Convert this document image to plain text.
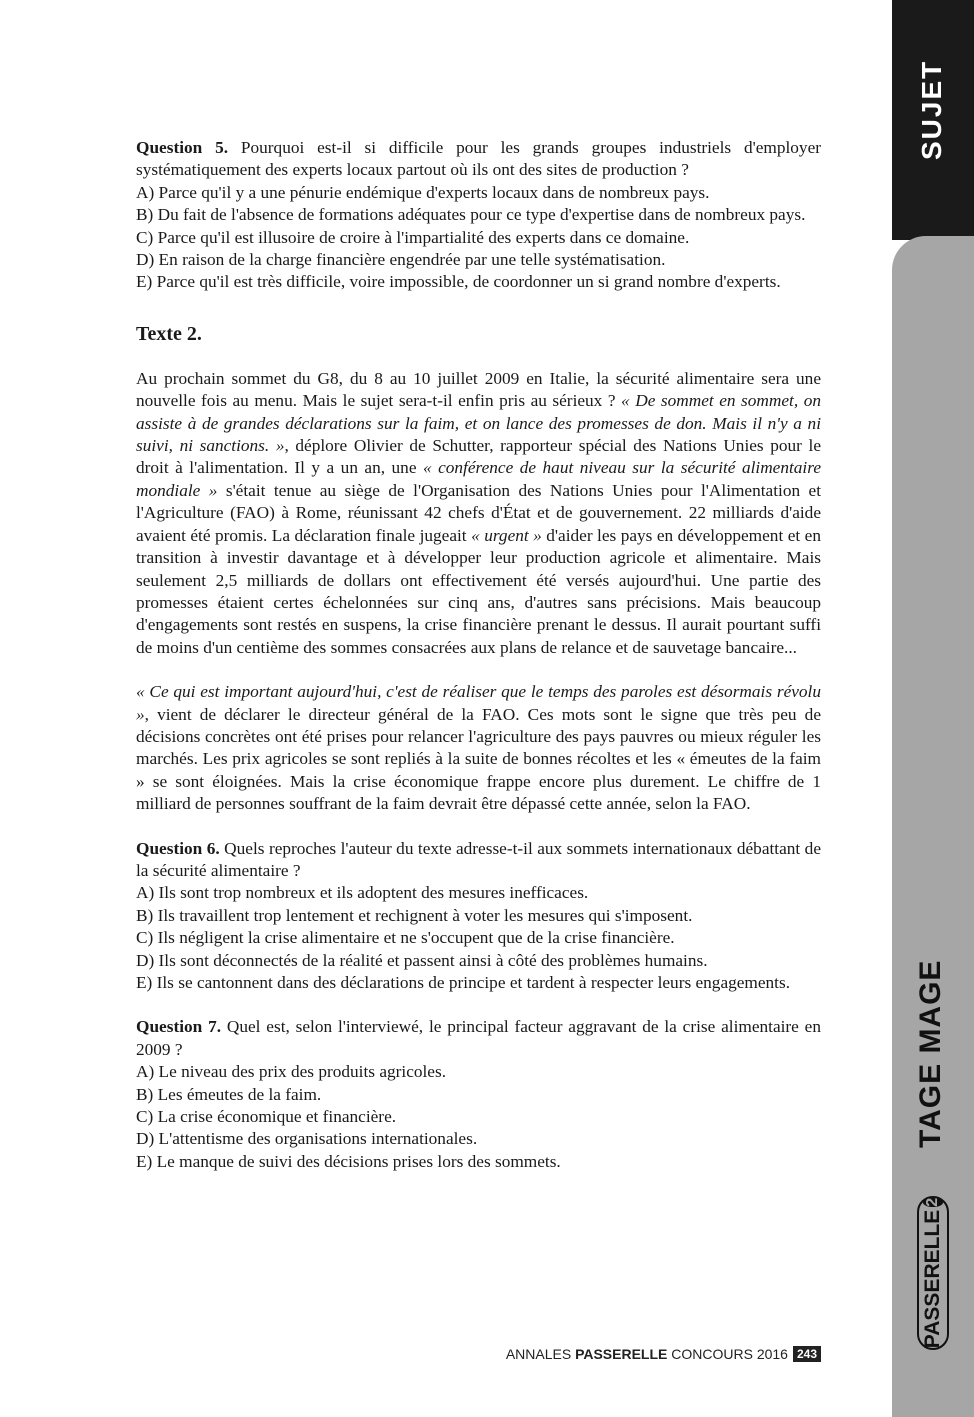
SUJET
TAGE MAGE
PASSERELLE
2

Question 5. Pourquoi est-il si difficile pour les grands groupes industriels d'employer systématiquement des experts locaux partout où ils ont des sites de production ?

A) Parce qu'il y a une pénurie endémique d'experts locaux dans de nombreux pays.

B) Du fait de l'absence de formations adéquates pour ce type d'expertise dans de nombreux pays.

C) Parce qu'il est illusoire de croire à l'impartialité des experts dans ce domaine.

D) En raison de la charge financière engendrée par une telle systématisation.

E) Parce qu'il est très difficile, voire impossible, de coordonner un si grand nombre d'experts.

Texte 2.

Au prochain sommet du G8, du 8 au 10 juillet 2009 en Italie, la sécurité alimentaire sera une nouvelle fois au menu. Mais le sujet sera-t-il enfin pris au sérieux ? « De sommet en sommet, on assiste à de grandes déclarations sur la faim, et on lance des promesses de don. Mais il n'y a ni suivi, ni sanctions. », déplore Olivier de Schutter, rapporteur spécial des Nations Unies pour le droit à l'alimentation. Il y a un an, une « conférence de haut niveau sur la sécurité alimentaire mondiale » s'était tenue au siège de l'Organisation des Nations Unies pour l'Alimentation et l'Agriculture (FAO) à Rome, réunissant 42 chefs d'État et de gouvernement. 22 milliards d'aide avaient été promis. La déclaration finale jugeait « urgent » d'aider les pays en développement et en transition à investir davantage et à développer leur production agricole et alimentaire. Mais seulement 2,5 milliards de dollars ont effectivement été versés aujourd'hui. Une partie des promesses étaient certes échelonnées sur cinq ans, d'autres sans précisions. Mais beaucoup d'engagements sont restés en suspens, la crise financière prenant le dessus. Il aurait pourtant suffi de moins d'un centième des sommes consacrées aux plans de relance et de sauvetage bancaire...

« Ce qui est important aujourd'hui, c'est de réaliser que le temps des paroles est désormais révolu », vient de déclarer le directeur général de la FAO. Ces mots sont le signe que très peu de décisions concrètes ont été prises pour relancer l'agriculture des pays pauvres ou mieux réguler les marchés. Les prix agricoles se sont repliés à la suite de bonnes récoltes et les « émeutes de la faim » se sont éloignées. Mais la crise économique frappe encore plus durement. Le chiffre de 1 milliard de personnes souffrant de la faim devrait être dépassé cette année, selon la FAO.

Question 6. Quels reproches l'auteur du texte adresse-t-il aux sommets internationaux débattant de la sécurité alimentaire ?

A) Ils sont trop nombreux et ils adoptent des mesures inefficaces.

B) Ils travaillent trop lentement et rechignent à voter les mesures qui s'imposent.

C) Ils négligent la crise alimentaire et ne s'occupent que de la crise financière.

D) Ils sont déconnectés de la réalité et passent ainsi à côté des problèmes humains.

E) Ils se cantonnent dans des déclarations de principe et tardent à respecter leurs engagements.

Question 7. Quel est, selon l'interviewé, le principal facteur aggravant de la crise alimentaire en 2009 ?

A) Le niveau des prix des produits agricoles.

B) Les émeutes de la faim.

C) La crise économique et financière.

D) L'attentisme des organisations internationales.

E) Le manque de suivi des décisions prises lors des sommets.

ANNALES PASSERELLE CONCOURS 2016 243
